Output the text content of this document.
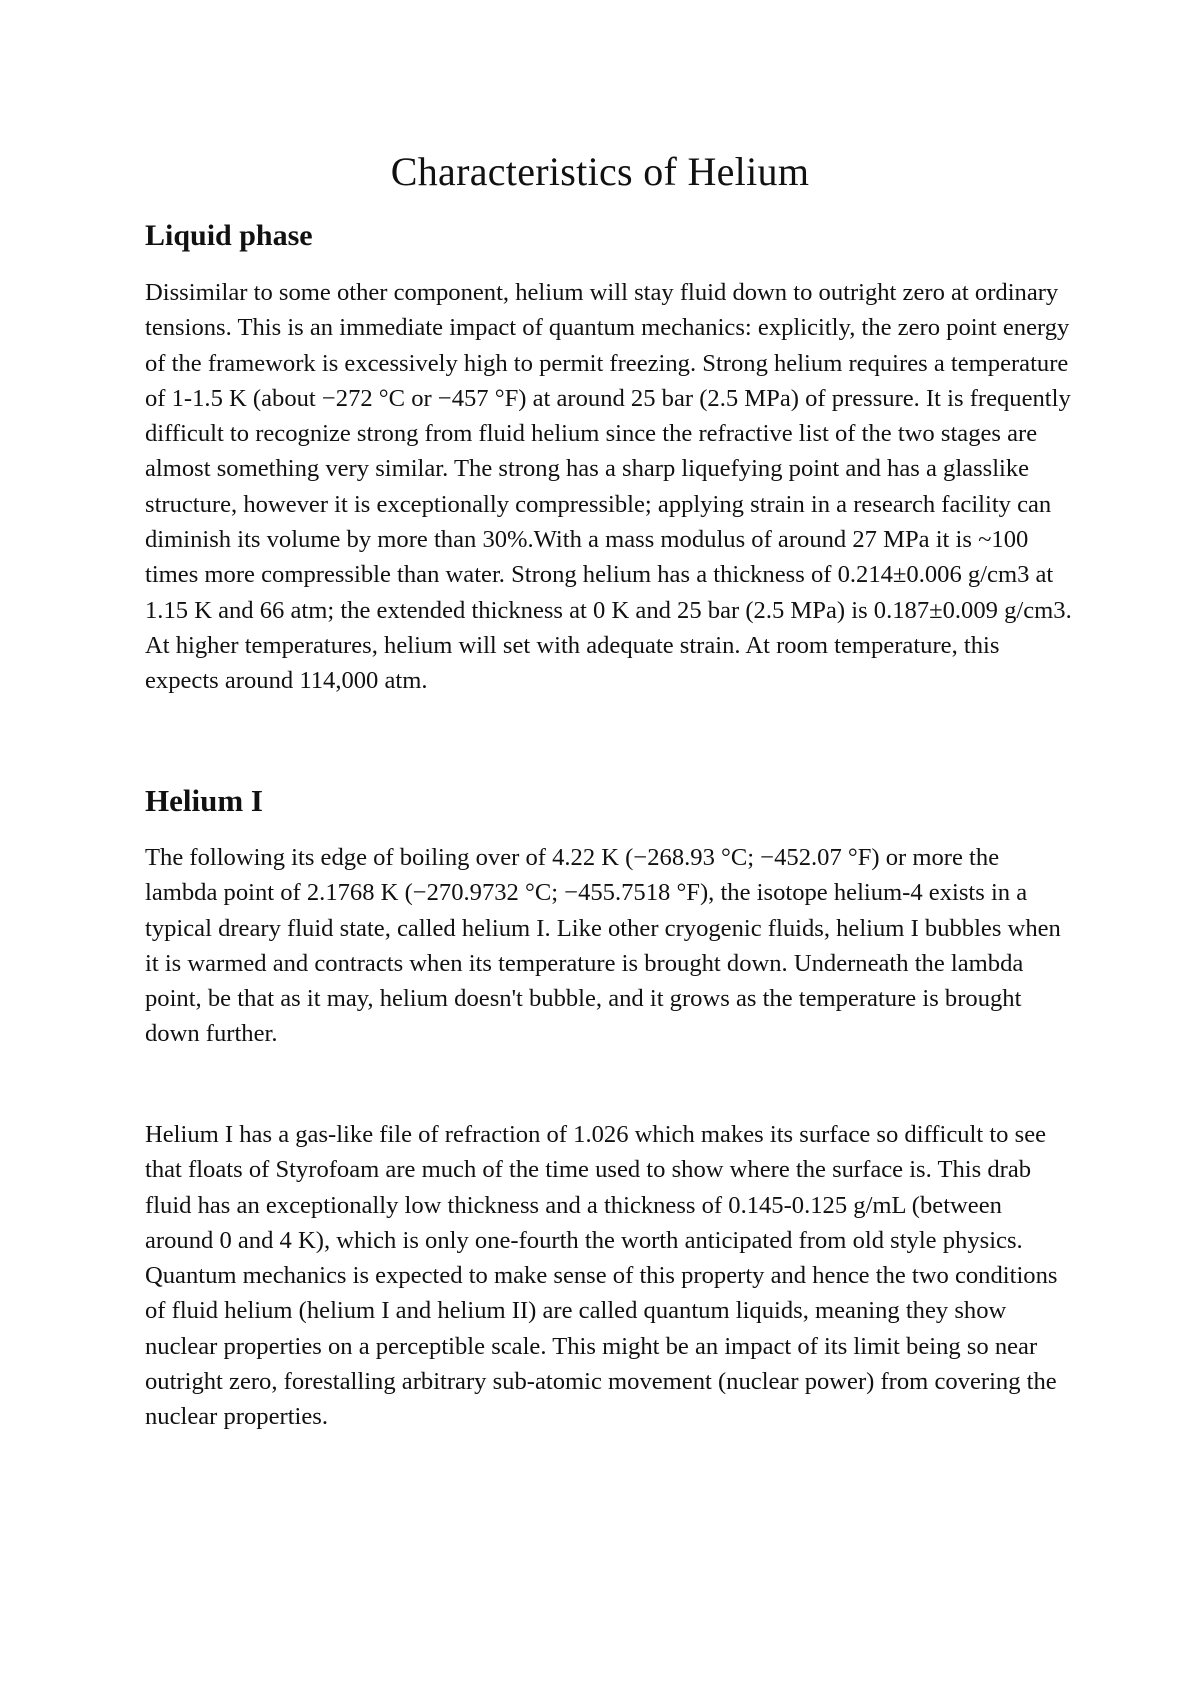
Characteristics of Helium
Liquid phase

Dissimilar to some other component, helium will stay fluid down to outright zero at ordinary tensions. This is an immediate impact of quantum mechanics: explicitly, the zero point energy of the framework is excessively high to permit freezing. Strong helium requires a temperature of 1-1.5 K (about −272 °C or −457 °F) at around 25 bar (2.5 MPa) of pressure. It is frequently difficult to recognize strong from fluid helium since the refractive list of the two stages are almost something very similar. The strong has a sharp liquefying point and has a glasslike structure, however it is exceptionally compressible; applying strain in a research facility can diminish its volume by more than 30%.With a mass modulus of around 27 MPa it is ~100 times more compressible than water. Strong helium has a thickness of 0.214±0.006 g/cm3 at 1.15 K and 66 atm; the extended thickness at 0 K and 25 bar (2.5 MPa) is 0.187±0.009 g/cm3. At higher temperatures, helium will set with adequate strain. At room temperature, this expects around 114,000 atm.

Helium I

The following its edge of boiling over of 4.22 K (−268.93 °C; −452.07 °F) or more the lambda point of 2.1768 K (−270.9732 °C; −455.7518 °F), the isotope helium-4 exists in a typical dreary fluid state, called helium I. Like other cryogenic fluids, helium I bubbles when it is warmed and contracts when its temperature is brought down. Underneath the lambda point, be that as it may, helium doesn't bubble, and it grows as the temperature is brought down further.

Helium I has a gas-like file of refraction of 1.026 which makes its surface so difficult to see that floats of Styrofoam are much of the time used to show where the surface is. This drab fluid has an exceptionally low thickness and a thickness of 0.145-0.125 g/mL (between around 0 and 4 K), which is only one-fourth the worth anticipated from old style physics. Quantum mechanics is expected to make sense of this property and hence the two conditions of fluid helium (helium I and helium II) are called quantum liquids, meaning they show nuclear properties on a perceptible scale. This might be an impact of its limit being so near outright zero, forestalling arbitrary sub-atomic movement (nuclear power) from covering the nuclear properties.
